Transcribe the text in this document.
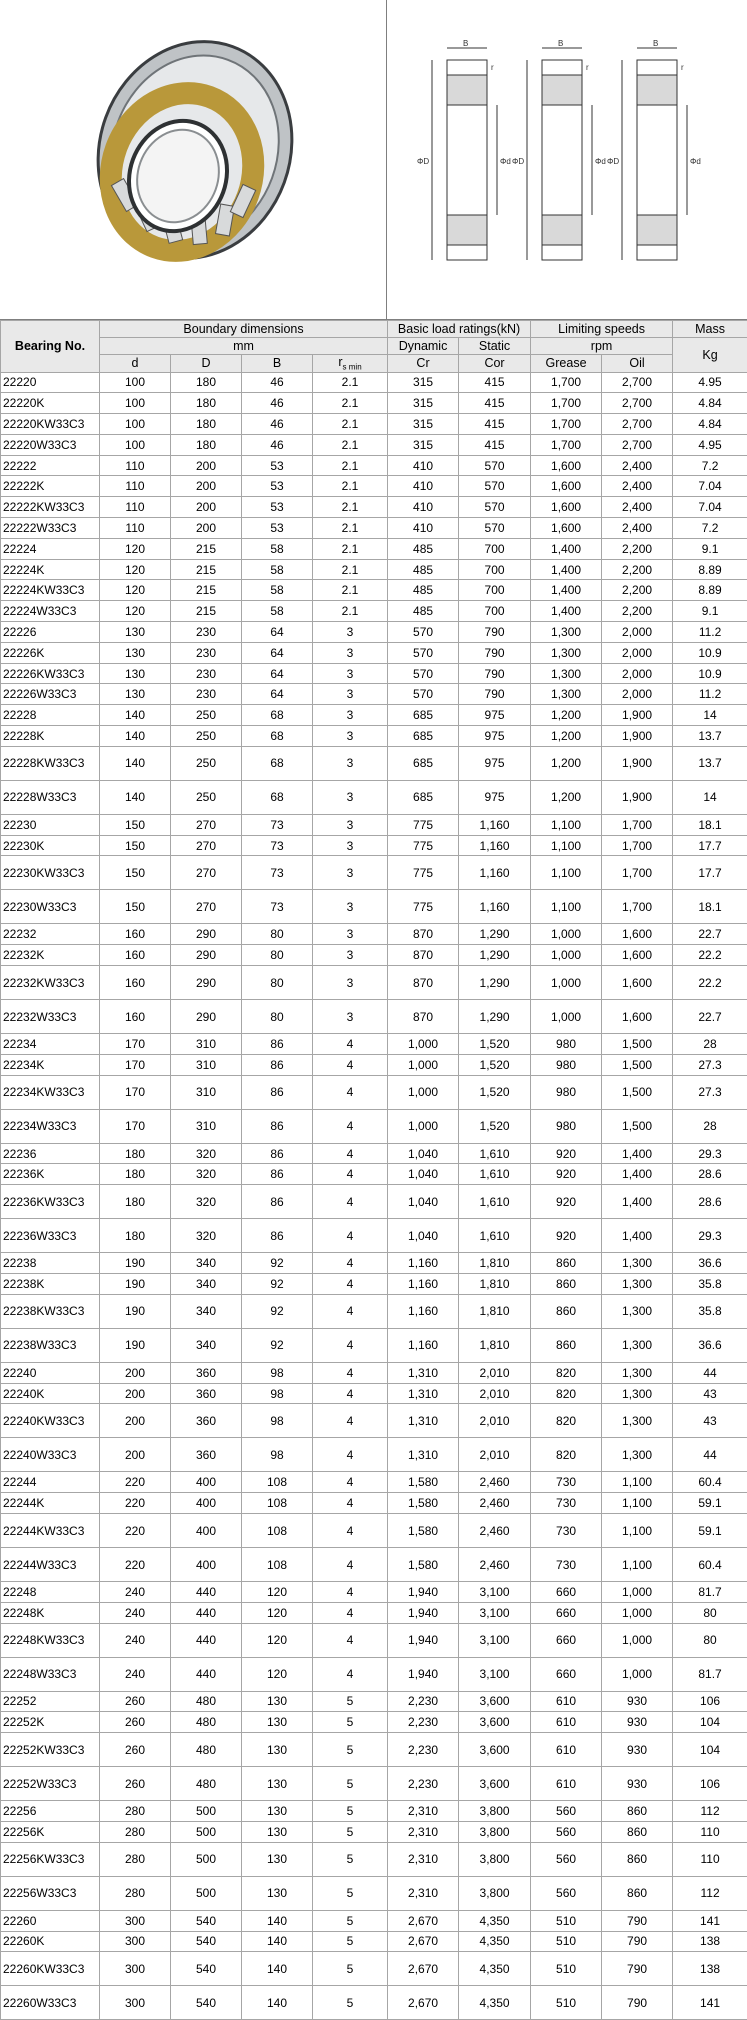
B
r
ΦD	Φd
B
r
ΦD	Φd
B
r
ΦD	Φd
Bearing No.	Boundary dimensions				Basic load ratings(kN)		Limiting speeds		Mass
	mm				Dynamic	Static	rpm		Kg
	d	D	B	$r_{s min}$	Cr	Cor	Grease	Oil	
22220	100	180	46	2.1	315	415	1,700	2,700	4.95
22220K	100	180	46	2.1	315	415	1,700	2,700	4.84
22220KW33C3	100	180	46	2.1	315	415	1,700	2,700	4.84
22220W33C3	100	180	46	2.1	315	415	1,700	2,700	4.95
22222	110	200	53	2.1	410	570	1,600	2,400	7.2
22222K	110	200	53	2.1	410	570	1,600	2,400	7.04
22222KW33C3	110	200	53	2.1	410	570	1,600	2,400	7.04
22222W33C3	110	200	53	2.1	410	570	1,600	2,400	7.2
22224	120	215	58	2.1	485	700	1,400	2,200	9.1
22224K	120	215	58	2.1	485	700	1,400	2,200	8.89
22224KW33C3	120	215	58	2.1	485	700	1,400	2,200	8.89
22224W33C3	120	215	58	2.1	485	700	1,400	2,200	9.1
22226	130	230	64	3	570	790	1,300	2,000	11.2
22226K	130	230	64	3	570	790	1,300	2,000	10.9
22226KW33C3	130	230	64	3	570	790	1,300	2,000	10.9
22226W33C3	130	230	64	3	570	790	1,300	2,000	11.2
22228	140	250	68	3	685	975	1,200	1,900	14
22228K	140	250	68	3	685	975	1,200	1,900	13.7
22228KW33C3	140	250	68	3	685	975	1,200	1,900	13.7
22228W33C3	140	250	68	3	685	975	1,200	1,900	14
22230	150	270	73	3	775	1,160	1,100	1,700	18.1
22230K	150	270	73	3	775	1,160	1,100	1,700	17.7
22230KW33C3	150	270	73	3	775	1,160	1,100	1,700	17.7
22230W33C3	150	270	73	3	775	1,160	1,100	1,700	18.1
22232	160	290	80	3	870	1,290	1,000	1,600	22.7
22232K	160	290	80	3	870	1,290	1,000	1,600	22.2
22232KW33C3	160	290	80	3	870	1,290	1,000	1,600	22.2
22232W33C3	160	290	80	3	870	1,290	1,000	1,600	22.7
22234	170	310	86	4	1,000	1,520	980	1,500	28
22234K	170	310	86	4	1,000	1,520	980	1,500	27.3
22234KW33C3	170	310	86	4	1,000	1,520	980	1,500	27.3
22234W33C3	170	310	86	4	1,000	1,520	980	1,500	28
22236	180	320	86	4	1,040	1,610	920	1,400	29.3
22236K	180	320	86	4	1,040	1,610	920	1,400	28.6
22236KW33C3	180	320	86	4	1,040	1,610	920	1,400	28.6
22236W33C3	180	320	86	4	1,040	1,610	920	1,400	29.3
22238	190	340	92	4	1,160	1,810	860	1,300	36.6
22238K	190	340	92	4	1,160	1,810	860	1,300	35.8
22238KW33C3	190	340	92	4	1,160	1,810	860	1,300	35.8
22238W33C3	190	340	92	4	1,160	1,810	860	1,300	36.6
22240	200	360	98	4	1,310	2,010	820	1,300	44
22240K	200	360	98	4	1,310	2,010	820	1,300	43
22240KW33C3	200	360	98	4	1,310	2,010	820	1,300	43
22240W33C3	200	360	98	4	1,310	2,010	820	1,300	44
22244	220	400	108	4	1,580	2,460	730	1,100	60.4
22244K	220	400	108	4	1,580	2,460	730	1,100	59.1
22244KW33C3	220	400	108	4	1,580	2,460	730	1,100	59.1
22244W33C3	220	400	108	4	1,580	2,460	730	1,100	60.4
22248	240	440	120	4	1,940	3,100	660	1,000	81.7
22248K	240	440	120	4	1,940	3,100	660	1,000	80
22248KW33C3	240	440	120	4	1,940	3,100	660	1,000	80
22248W33C3	240	440	120	4	1,940	3,100	660	1,000	81.7
22252	260	480	130	5	2,230	3,600	610	930	106
22252K	260	480	130	5	2,230	3,600	610	930	104
22252KW33C3	260	480	130	5	2,230	3,600	610	930	104
22252W33C3	260	480	130	5	2,230	3,600	610	930	106
22256	280	500	130	5	2,310	3,800	560	860	112
22256K	280	500	130	5	2,310	3,800	560	860	110
22256KW33C3	280	500	130	5	2,310	3,800	560	860	110
22256W33C3	280	500	130	5	2,310	3,800	560	860	112
22260	300	540	140	5	2,670	4,350	510	790	141
22260K	300	540	140	5	2,670	4,350	510	790	138
22260KW33C3	300	540	140	5	2,670	4,350	510	790	138
22260W33C3	300	540	140	5	2,670	4,350	510	790	141
